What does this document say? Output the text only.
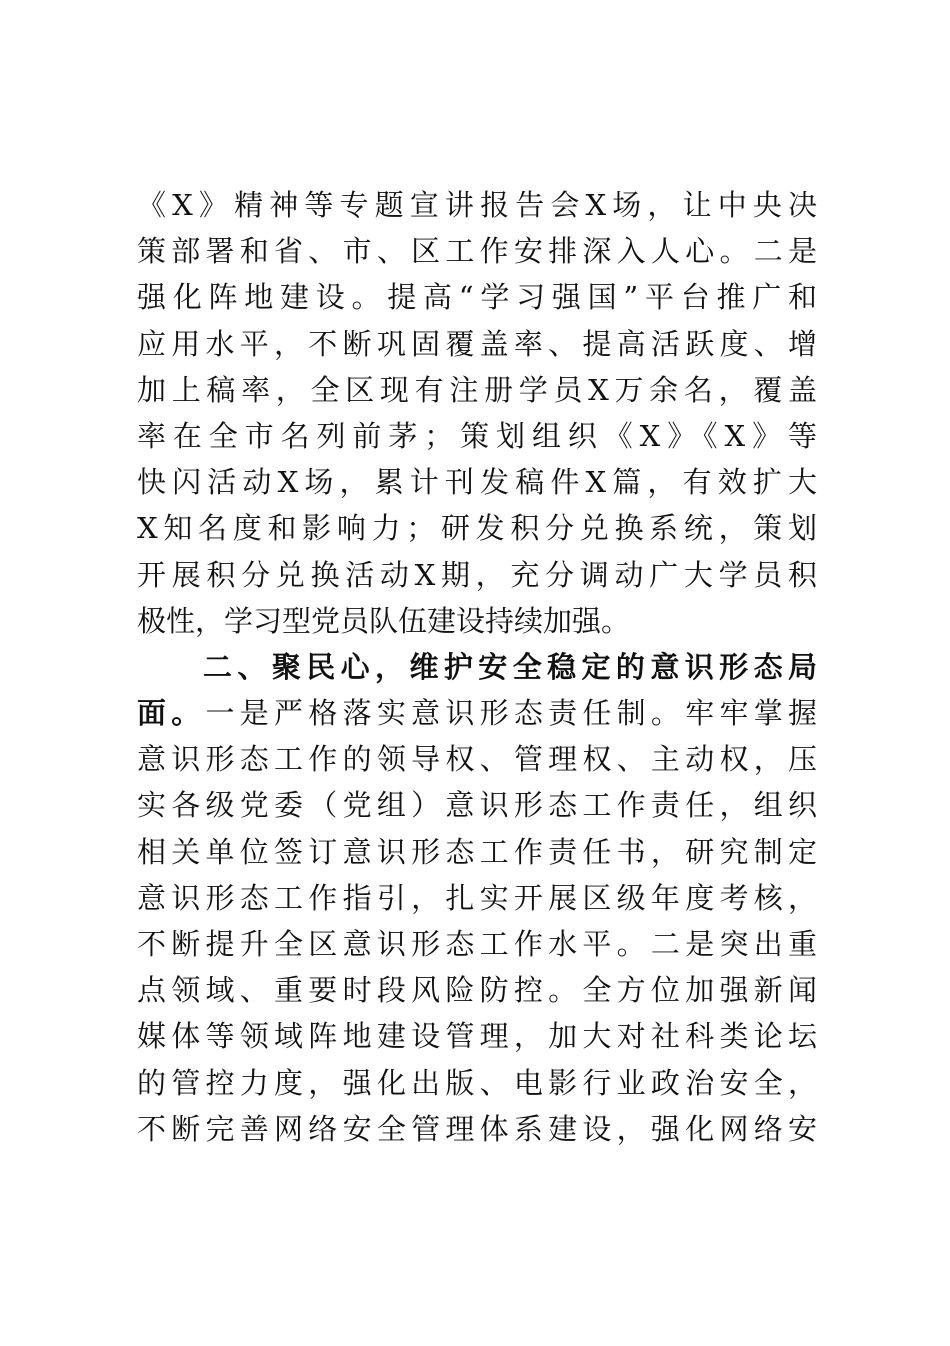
《X》精神等专题宣讲报告会X场，让中央决
策部署和省、市、区工作安排深入人心。二是
强化阵地建设。提高“学习强国”平台推广和
应用水平，不断巩固覆盖率、提高活跃度、增
加上稿率，全区现有注册学员X万余名，覆盖
率在全市名列前茅；策划组织《X》《X》等
快闪活动X场，累计刊发稿件X篇，有效扩大
X知名度和影响力；研发积分兑换系统，策划
开展积分兑换活动X期，充分调动广大学员积
极性，学习型党员队伍建设持续加强。
二、聚民心，维护安全稳定的意识形态局
面。一是严格落实意识形态责任制。牢牢掌握
意识形态工作的领导权、管理权、主动权，压
实各级党委（党组）意识形态工作责任，组织
相关单位签订意识形态工作责任书，研究制定
意识形态工作指引，扎实开展区级年度考核，
不断提升全区意识形态工作水平。二是突出重
点领域、重要时段风险防控。全方位加强新闻
媒体等领域阵地建设管理，加大对社科类论坛
的管控力度，强化出版、电影行业政治安全，
不断完善网络安全管理体系建设，强化网络安
